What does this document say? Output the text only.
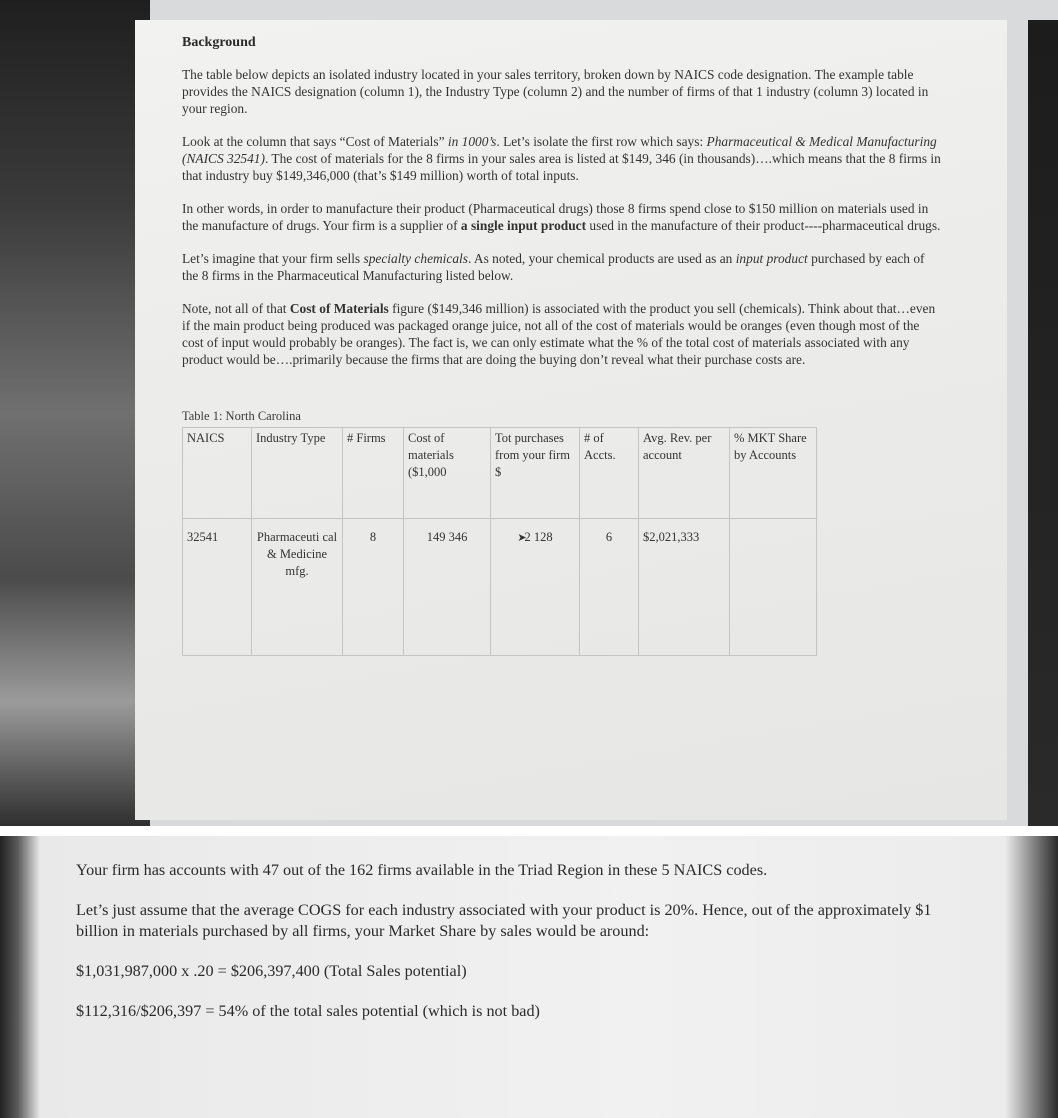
Background

The table below depicts an isolated industry located in your sales territory, broken down by NAICS code designation. The example table provides the NAICS designation (column 1), the Industry Type (column 2) and the number of firms of that 1 industry (column 3) located in your region.

Look at the column that says “Cost of Materials” in 1000’s. Let’s isolate the first row which says: Pharmaceutical & Medical Manufacturing (NAICS 32541). The cost of materials for the 8 firms in your sales area is listed at $149, 346 (in thousands)….which means that the 8 firms in that industry buy $149,346,000 (that’s $149 million) worth of total inputs.

In other words, in order to manufacture their product (Pharmaceutical drugs) those 8 firms spend close to $150 million on materials used in the manufacture of drugs. Your firm is a supplier of a single input product used in the manufacture of their product----pharmaceutical drugs.

Let’s imagine that your firm sells specialty chemicals. As noted, your chemical products are used as an input product purchased by each of the 8 firms in the Pharmaceutical Manufacturing listed below.

Note, not all of that Cost of Materials figure ($149,346 million) is associated with the product you sell (chemicals). Think about that…even if the main product being produced was packaged orange juice, not all of the cost of materials would be oranges (even though most of the cost of input would probably be oranges). The fact is, we can only estimate what the % of the total cost of materials associated with any product would be….primarily because the firms that are doing the buying don’t reveal what their purchase costs are.

Table 1: North Carolina
NAICS	Industry Type	# Firms	Cost of materials ($1,000	Tot purchases from your firm $	# of Accts.	Avg. Rev. per account	% MKT Share by Accounts
32541	Pharmaceuti cal & Medicine mfg.	8	149 346	➤2 128	6	$2,021,333	

Your firm has accounts with 47 out of the 162 firms available in the Triad Region in these 5 NAICS codes.

Let’s just assume that the average COGS for each industry associated with your product is 20%. Hence, out of the approximately $1 billion in materials purchased by all firms, your Market Share by sales would be around:

$1,031,987,000 x .20 = $206,397,400 (Total Sales potential)

$112,316/$206,397 = 54% of the total sales potential (which is not bad)
